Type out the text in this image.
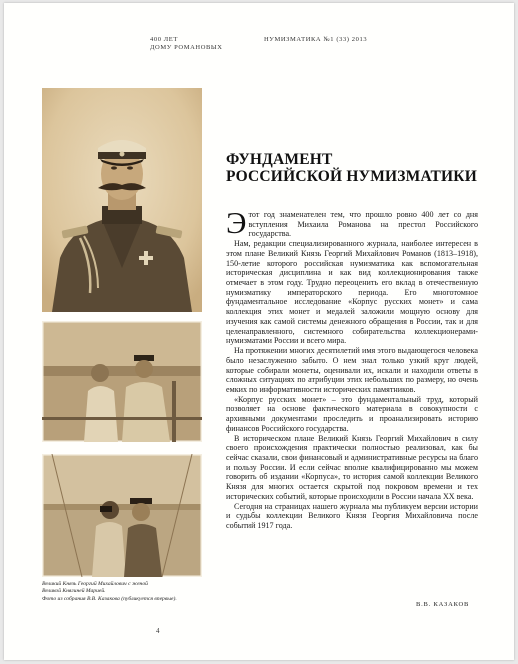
400 ЛЕТ
ДОМУ РОМАНОВЫХ
НУМИЗМАТИКА №1 (33) 2013
Великий Князь Георгий Михайлович с женой
Великой Княгиней Марией.
Фото из собрания В.В. Казакова (публикуется впервые).
ФУНДАМЕНТ
РОССИЙСКОЙ НУМИЗМАТИКИ

Этот год знаменателен тем, что прошло ровно 400 лет со дня вступления Михаила Романова на престол Российского государства.

Нам, редакции специализированного журнала, наиболее интересен в этом плане Великий Князь Георгий Михайлович Романов (1813–1918), 150-летие которого российская нумизматика как вспомогательная историческая дисциплина и как вид коллекционирования также отмечает в этом году. Трудно переоценить его вклад в отечественную нумизматику императорского периода. Его многотомное фундаментальное исследование «Корпус русских монет» и сама коллекция этих монет и медалей заложили мощную основу для изучения как самой системы денежного обращения в России, так и для целенаправленного, системного собирательства коллекционерами-нумизматами России и всего мира.

На протяжении многих десятилетий имя этого выдающегося человека было незаслуженно забыто. О нем знал только узкий круг людей, которые собирали монеты, оценивали их, искали и находили ответы в сложных ситуациях по атрибуции этих небольших по размеру, но очень емких по информативности исторических памятников.

«Корпус русских монет» – это фундаментальный труд, который позволяет на основе фактического материала в совокупности с архивными документами проследить и проанализировать историю финансов Российского государства.

В историческом плане Великий Князь Георгий Михайлович в силу своего происхождения практически полностью реализовал, как бы сейчас сказали, свои финансовый и административные ресурсы на благо и пользу России. И если сейчас вполне квалифицированно мы можем говорить об издании «Корпуса», то история самой коллекции Великого Князя для многих остается скрытой под покровом времени и тех исторических событий, которые происходили в России начала XX века.

Сегодня на страницах нашего журнала мы публикуем версии истории и судьбы коллекции Великого Князя Георгия Михайловича после событий 1917 года.

В.В. КАЗАКОВ
4
